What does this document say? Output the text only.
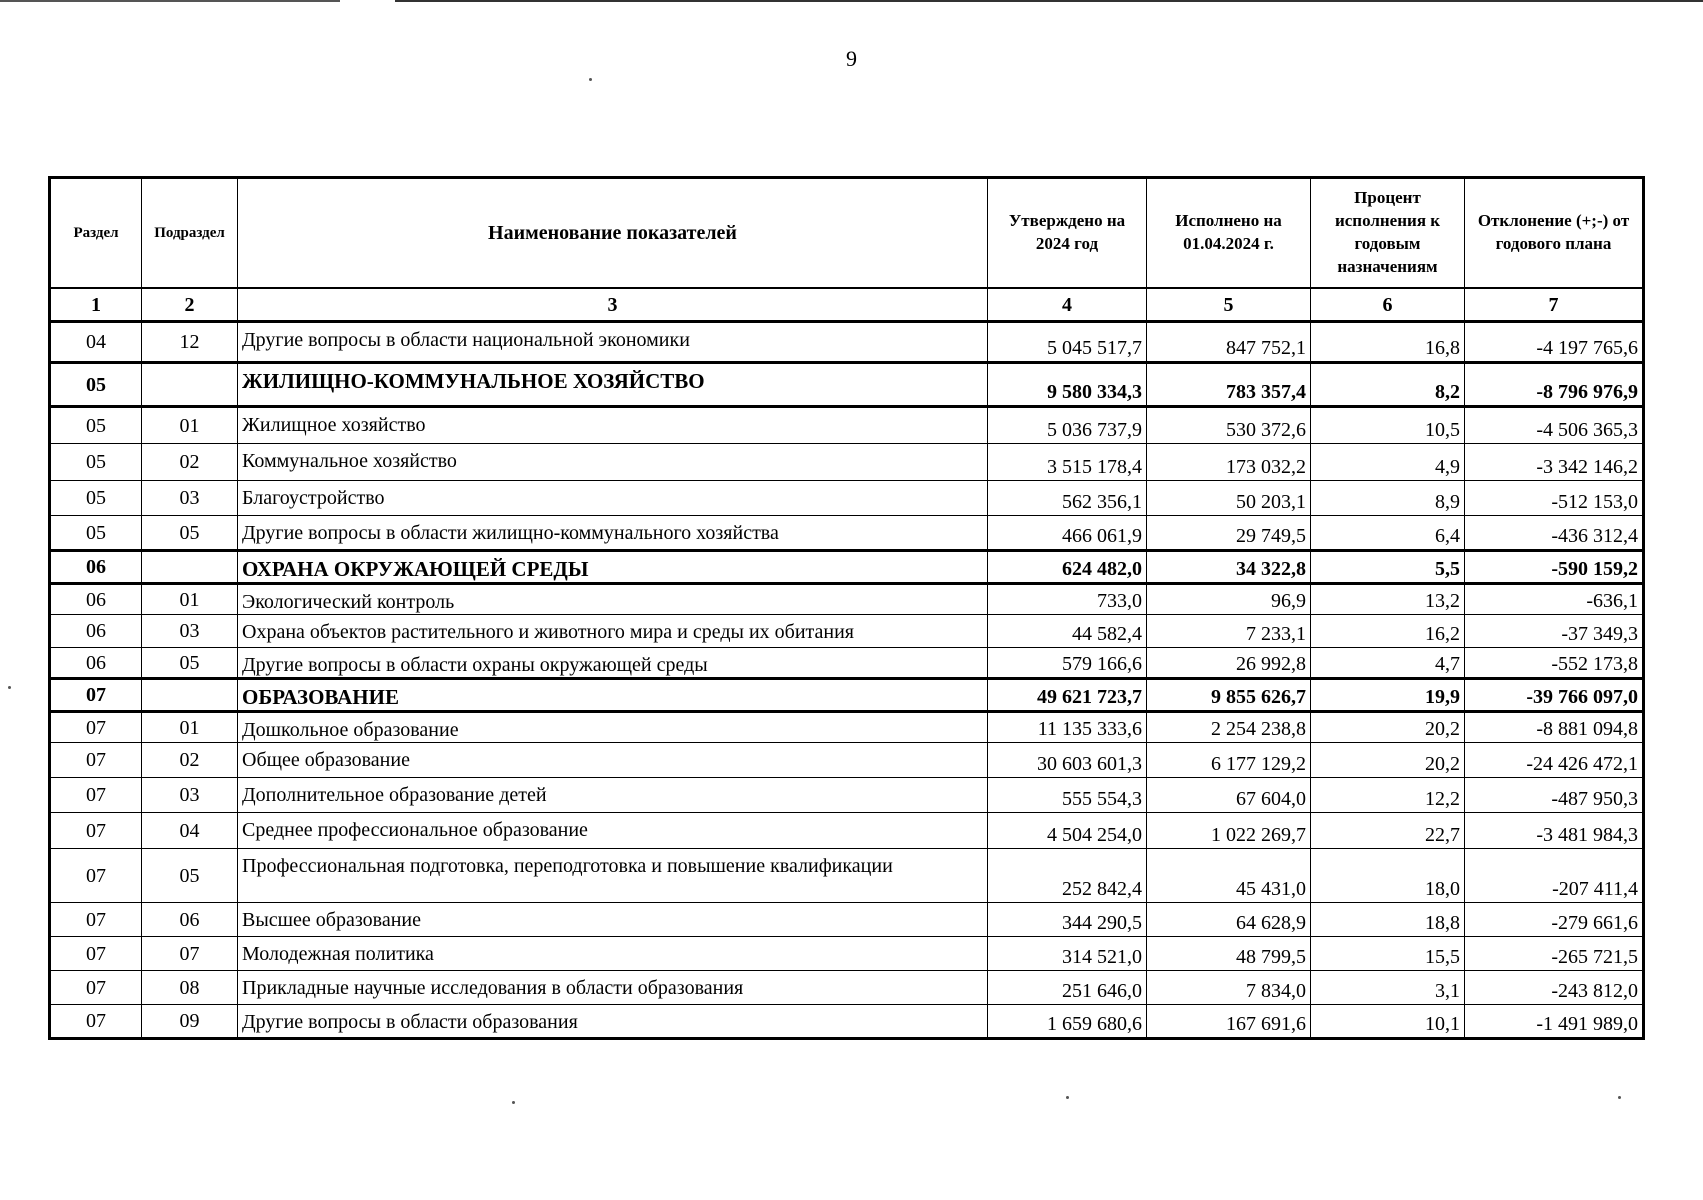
9
Раздел	Подраздел	Наименование показателей	Утверждено на 2024 год	Исполнено на 01.04.2024 г.	Процент исполнения к годовым назначениям	Отклонение (+;-) от годового плана
1	2	3	4	5	6	7
04	12	Другие вопросы в области национальной экономики	5 045 517,7	847 752,1	16,8	-4 197 765,6
05		ЖИЛИЩНО-КОММУНАЛЬНОЕ ХОЗЯЙСТВО	9 580 334,3	783 357,4	8,2	-8 796 976,9
05	01	Жилищное хозяйство	5 036 737,9	530 372,6	10,5	-4 506 365,3
05	02	Коммунальное хозяйство	3 515 178,4	173 032,2	4,9	-3 342 146,2
05	03	Благоустройство	562 356,1	50 203,1	8,9	-512 153,0
05	05	Другие вопросы в области жилищно-коммунального хозяйства	466 061,9	29 749,5	6,4	-436 312,4
06		ОХРАНА ОКРУЖАЮЩЕЙ СРЕДЫ	624 482,0	34 322,8	5,5	-590 159,2
06	01	Экологический контроль	733,0	96,9	13,2	-636,1
06	03	Охрана объектов растительного и животного мира и среды их обитания	44 582,4	7 233,1	16,2	-37 349,3
06	05	Другие вопросы в области охраны окружающей среды	579 166,6	26 992,8	4,7	-552 173,8
07		ОБРАЗОВАНИЕ	49 621 723,7	9 855 626,7	19,9	-39 766 097,0
07	01	Дошкольное образование	11 135 333,6	2 254 238,8	20,2	-8 881 094,8
07	02	Общее образование	30 603 601,3	6 177 129,2	20,2	-24 426 472,1
07	03	Дополнительное образование детей	555 554,3	67 604,0	12,2	-487 950,3
07	04	Среднее профессиональное образование	4 504 254,0	1 022 269,7	22,7	-3 481 984,3
07	05	Профессиональная подготовка, переподготовка и повышение квалификации	252 842,4	45 431,0	18,0	-207 411,4
07	06	Высшее образование	344 290,5	64 628,9	18,8	-279 661,6
07	07	Молодежная политика	314 521,0	48 799,5	15,5	-265 721,5
07	08	Прикладные научные исследования в области образования	251 646,0	7 834,0	3,1	-243 812,0
07	09	Другие вопросы в области образования	1 659 680,6	167 691,6	10,1	-1 491 989,0
